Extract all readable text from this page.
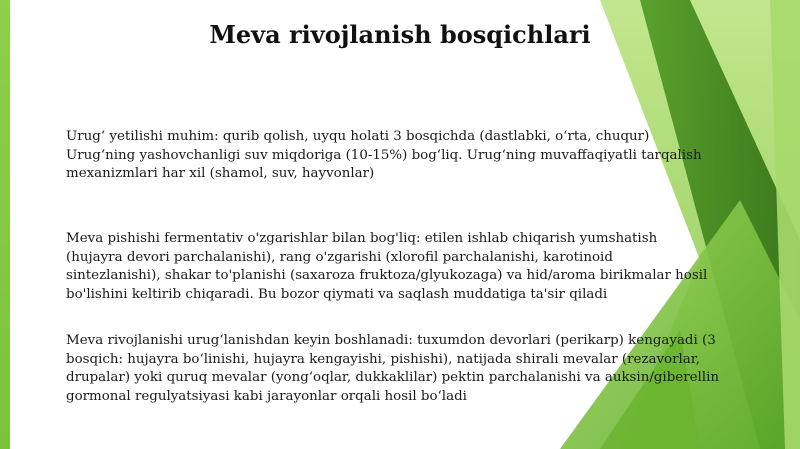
Meva rivojlanish bosqichlari

Urug‘ yetilishi muhim: qurib qolish, uyqu holati 3 bosqichda (dastlabki, o‘rta, chuqur)
Urug‘ning yashovchanligi suv miqdoriga (10-15%) bog‘liq. Urug‘ning muvaffaqiyatli tarqalish
mexanizmlari har xil (shamol, suv, hayvonlar)

Meva pishishi fermentativ o'zgarishlar bilan bog'liq: etilen ishlab chiqarish yumshatish
(hujayra devori parchalanishi), rang o'zgarishi (xlorofil parchalanishi, karotinoid
sintezlanishi), shakar to'planishi (saxaroza fruktoza/glyukozaga) va hid/aroma birikmalar hosil
bo'lishini keltirib chiqaradi. Bu bozor qiymati va saqlash muddatiga ta'sir qiladi

Meva rivojlanishi urug‘lanishdan keyin boshlanadi: tuxumdon devorlari (perikarp) kengayadi (3
bosqich: hujayra bo‘linishi, hujayra kengayishi, pishishi), natijada shirali mevalar (rezavorlar,
drupalar) yoki quruq mevalar (yong‘oqlar, dukkaklilar) pektin parchalanishi va auksin/giberellin
gormonal regulyatsiyasi kabi jarayonlar orqali hosil bo‘ladi
